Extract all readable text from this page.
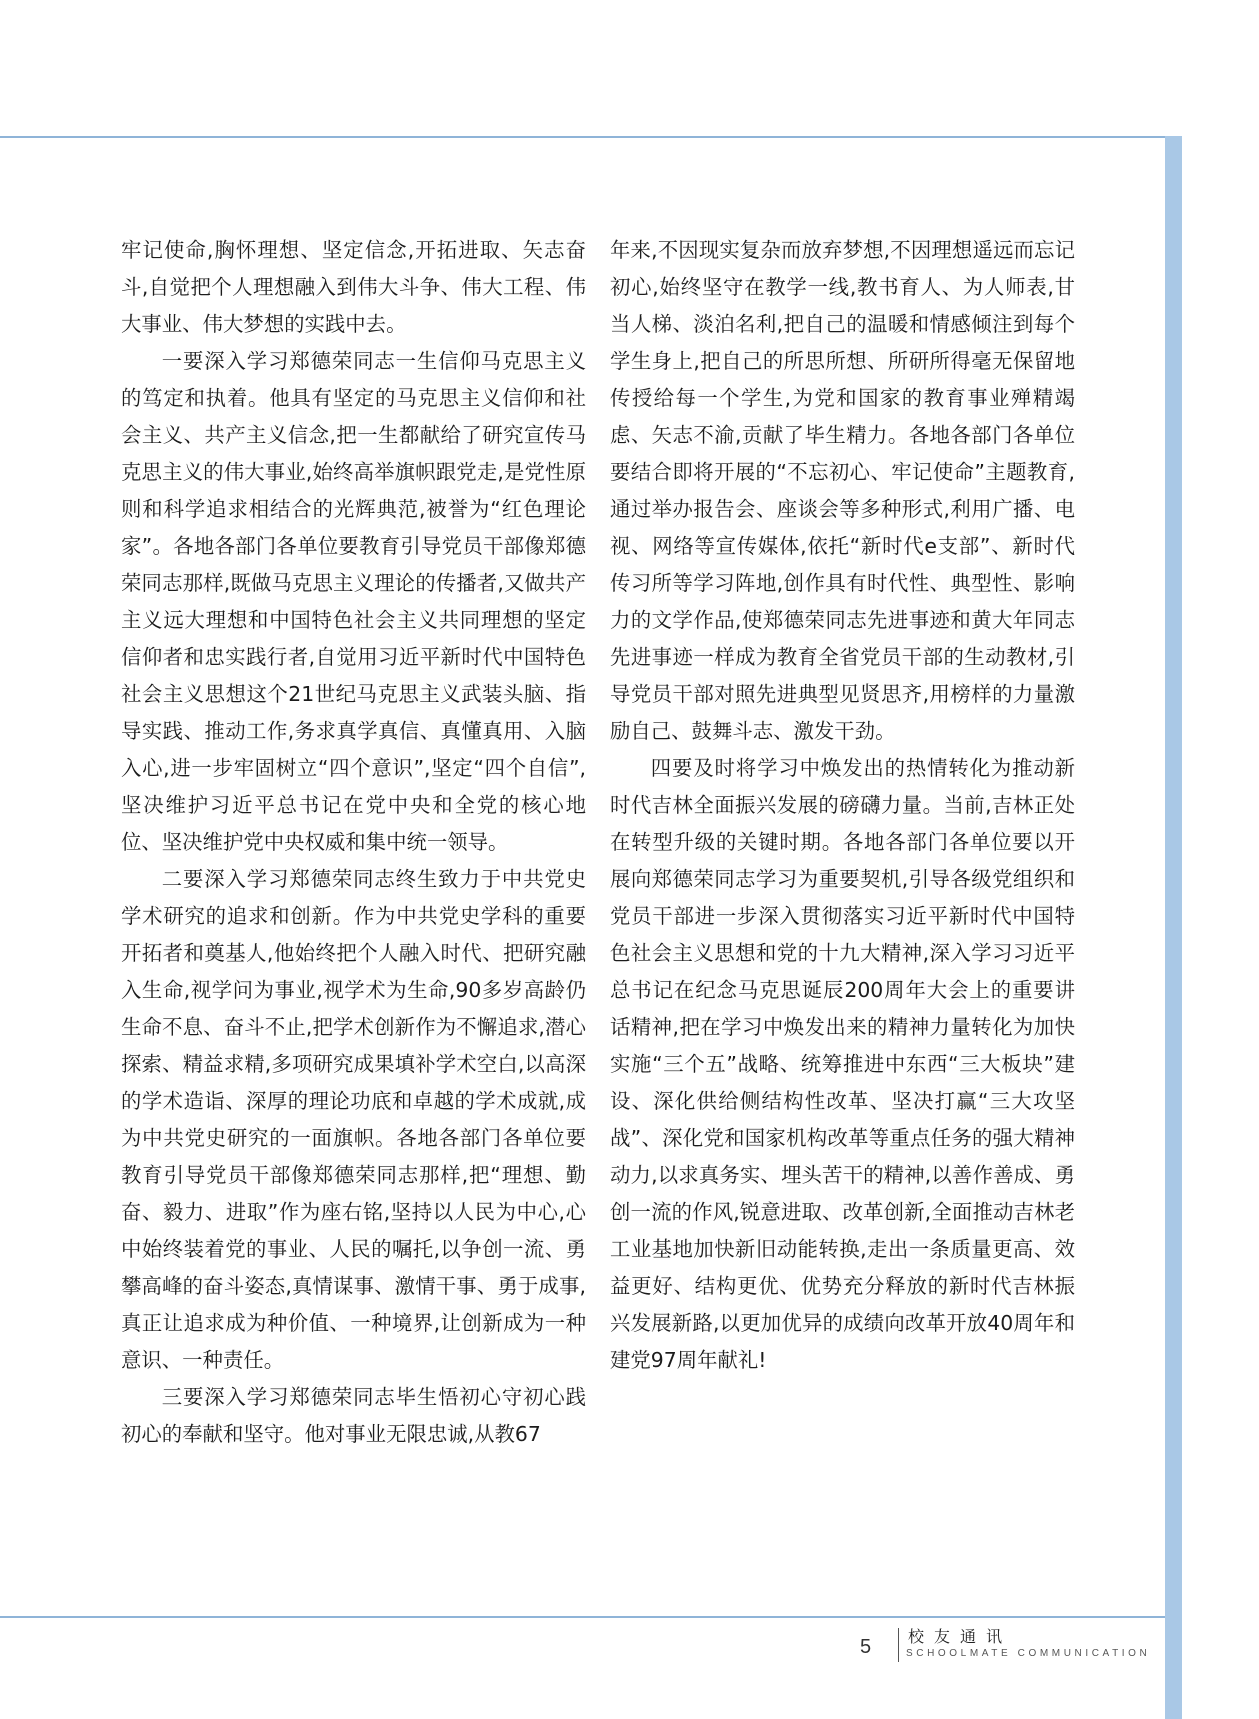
牢记使命,胸怀理想、坚定信念,开拓进取、矢志奋斗,自觉把个人理想融入到伟大斗争、伟大工程、伟大事业、伟大梦想的实践中去。

一要深入学习郑德荣同志一生信仰马克思主义的笃定和执着。他具有坚定的马克思主义信仰和社会主义、共产主义信念,把一生都献给了研究宣传马克思主义的伟大事业,始终高举旗帜跟党走,是党性原则和科学追求相结合的光辉典范,被誉为“红色理论家”。各地各部门各单位要教育引导党员干部像郑德荣同志那样,既做马克思主义理论的传播者,又做共产主义远大理想和中国特色社会主义共同理想的坚定信仰者和忠实践行者,自觉用习近平新时代中国特色社会主义思想这个21世纪马克思主义武装头脑、指导实践、推动工作,务求真学真信、真懂真用、入脑入心,进一步牢固树立“四个意识”,坚定“四个自信”,坚决维护习近平总书记在党中央和全党的核心地位、坚决维护党中央权威和集中统一领导。

二要深入学习郑德荣同志终生致力于中共党史学术研究的追求和创新。作为中共党史学科的重要开拓者和奠基人,他始终把个人融入时代、把研究融入生命,视学问为事业,视学术为生命,90多岁高龄仍生命不息、奋斗不止,把学术创新作为不懈追求,潜心探索、精益求精,多项研究成果填补学术空白,以高深的学术造诣、深厚的理论功底和卓越的学术成就,成为中共党史研究的一面旗帜。各地各部门各单位要教育引导党员干部像郑德荣同志那样,把“理想、勤奋、毅力、进取”作为座右铭,坚持以人民为中心,心中始终装着党的事业、人民的嘱托,以争创一流、勇攀高峰的奋斗姿态,真情谋事、激情干事、勇于成事,真正让追求成为种价值、一种境界,让创新成为一种意识、一种责任。

三要深入学习郑德荣同志毕生悟初心守初心践初心的奉献和坚守。他对事业无限忠诚,从教67

年来,不因现实复杂而放弃梦想,不因理想遥远而忘记初心,始终坚守在教学一线,教书育人、为人师表,甘当人梯、淡泊名利,把自己的温暖和情感倾注到每个学生身上,把自己的所思所想、所研所得毫无保留地传授给每一个学生,为党和国家的教育事业殚精竭虑、矢志不渝,贡献了毕生精力。各地各部门各单位要结合即将开展的“不忘初心、牢记使命”主题教育,通过举办报告会、座谈会等多种形式,利用广播、电视、网络等宣传媒体,依托“新时代e支部”、新时代传习所等学习阵地,创作具有时代性、典型性、影响力的文学作品,使郑德荣同志先进事迹和黄大年同志先进事迹一样成为教育全省党员干部的生动教材,引导党员干部对照先进典型见贤思齐,用榜样的力量激励自己、鼓舞斗志、激发干劲。

四要及时将学习中焕发出的热情转化为推动新时代吉林全面振兴发展的磅礴力量。当前,吉林正处在转型升级的关键时期。各地各部门各单位要以开展向郑德荣同志学习为重要契机,引导各级党组织和党员干部进一步深入贯彻落实习近平新时代中国特色社会主义思想和党的十九大精神,深入学习习近平总书记在纪念马克思诞辰200周年大会上的重要讲话精神,把在学习中焕发出来的精神力量转化为加快实施“三个五”战略、统筹推进中东西“三大板块”建设、深化供给侧结构性改革、坚决打赢“三大攻坚战”、深化党和国家机构改革等重点任务的强大精神动力,以求真务实、埋头苦干的精神,以善作善成、勇创一流的作风,锐意进取、改革创新,全面推动吉林老工业基地加快新旧动能转换,走出一条质量更高、效益更好、结构更优、优势充分释放的新时代吉林振兴发展新路,以更加优异的成绩向改革开放40周年和建党97周年献礼!

5 校友通讯
SCHOOLMATE COMMUNICATION
